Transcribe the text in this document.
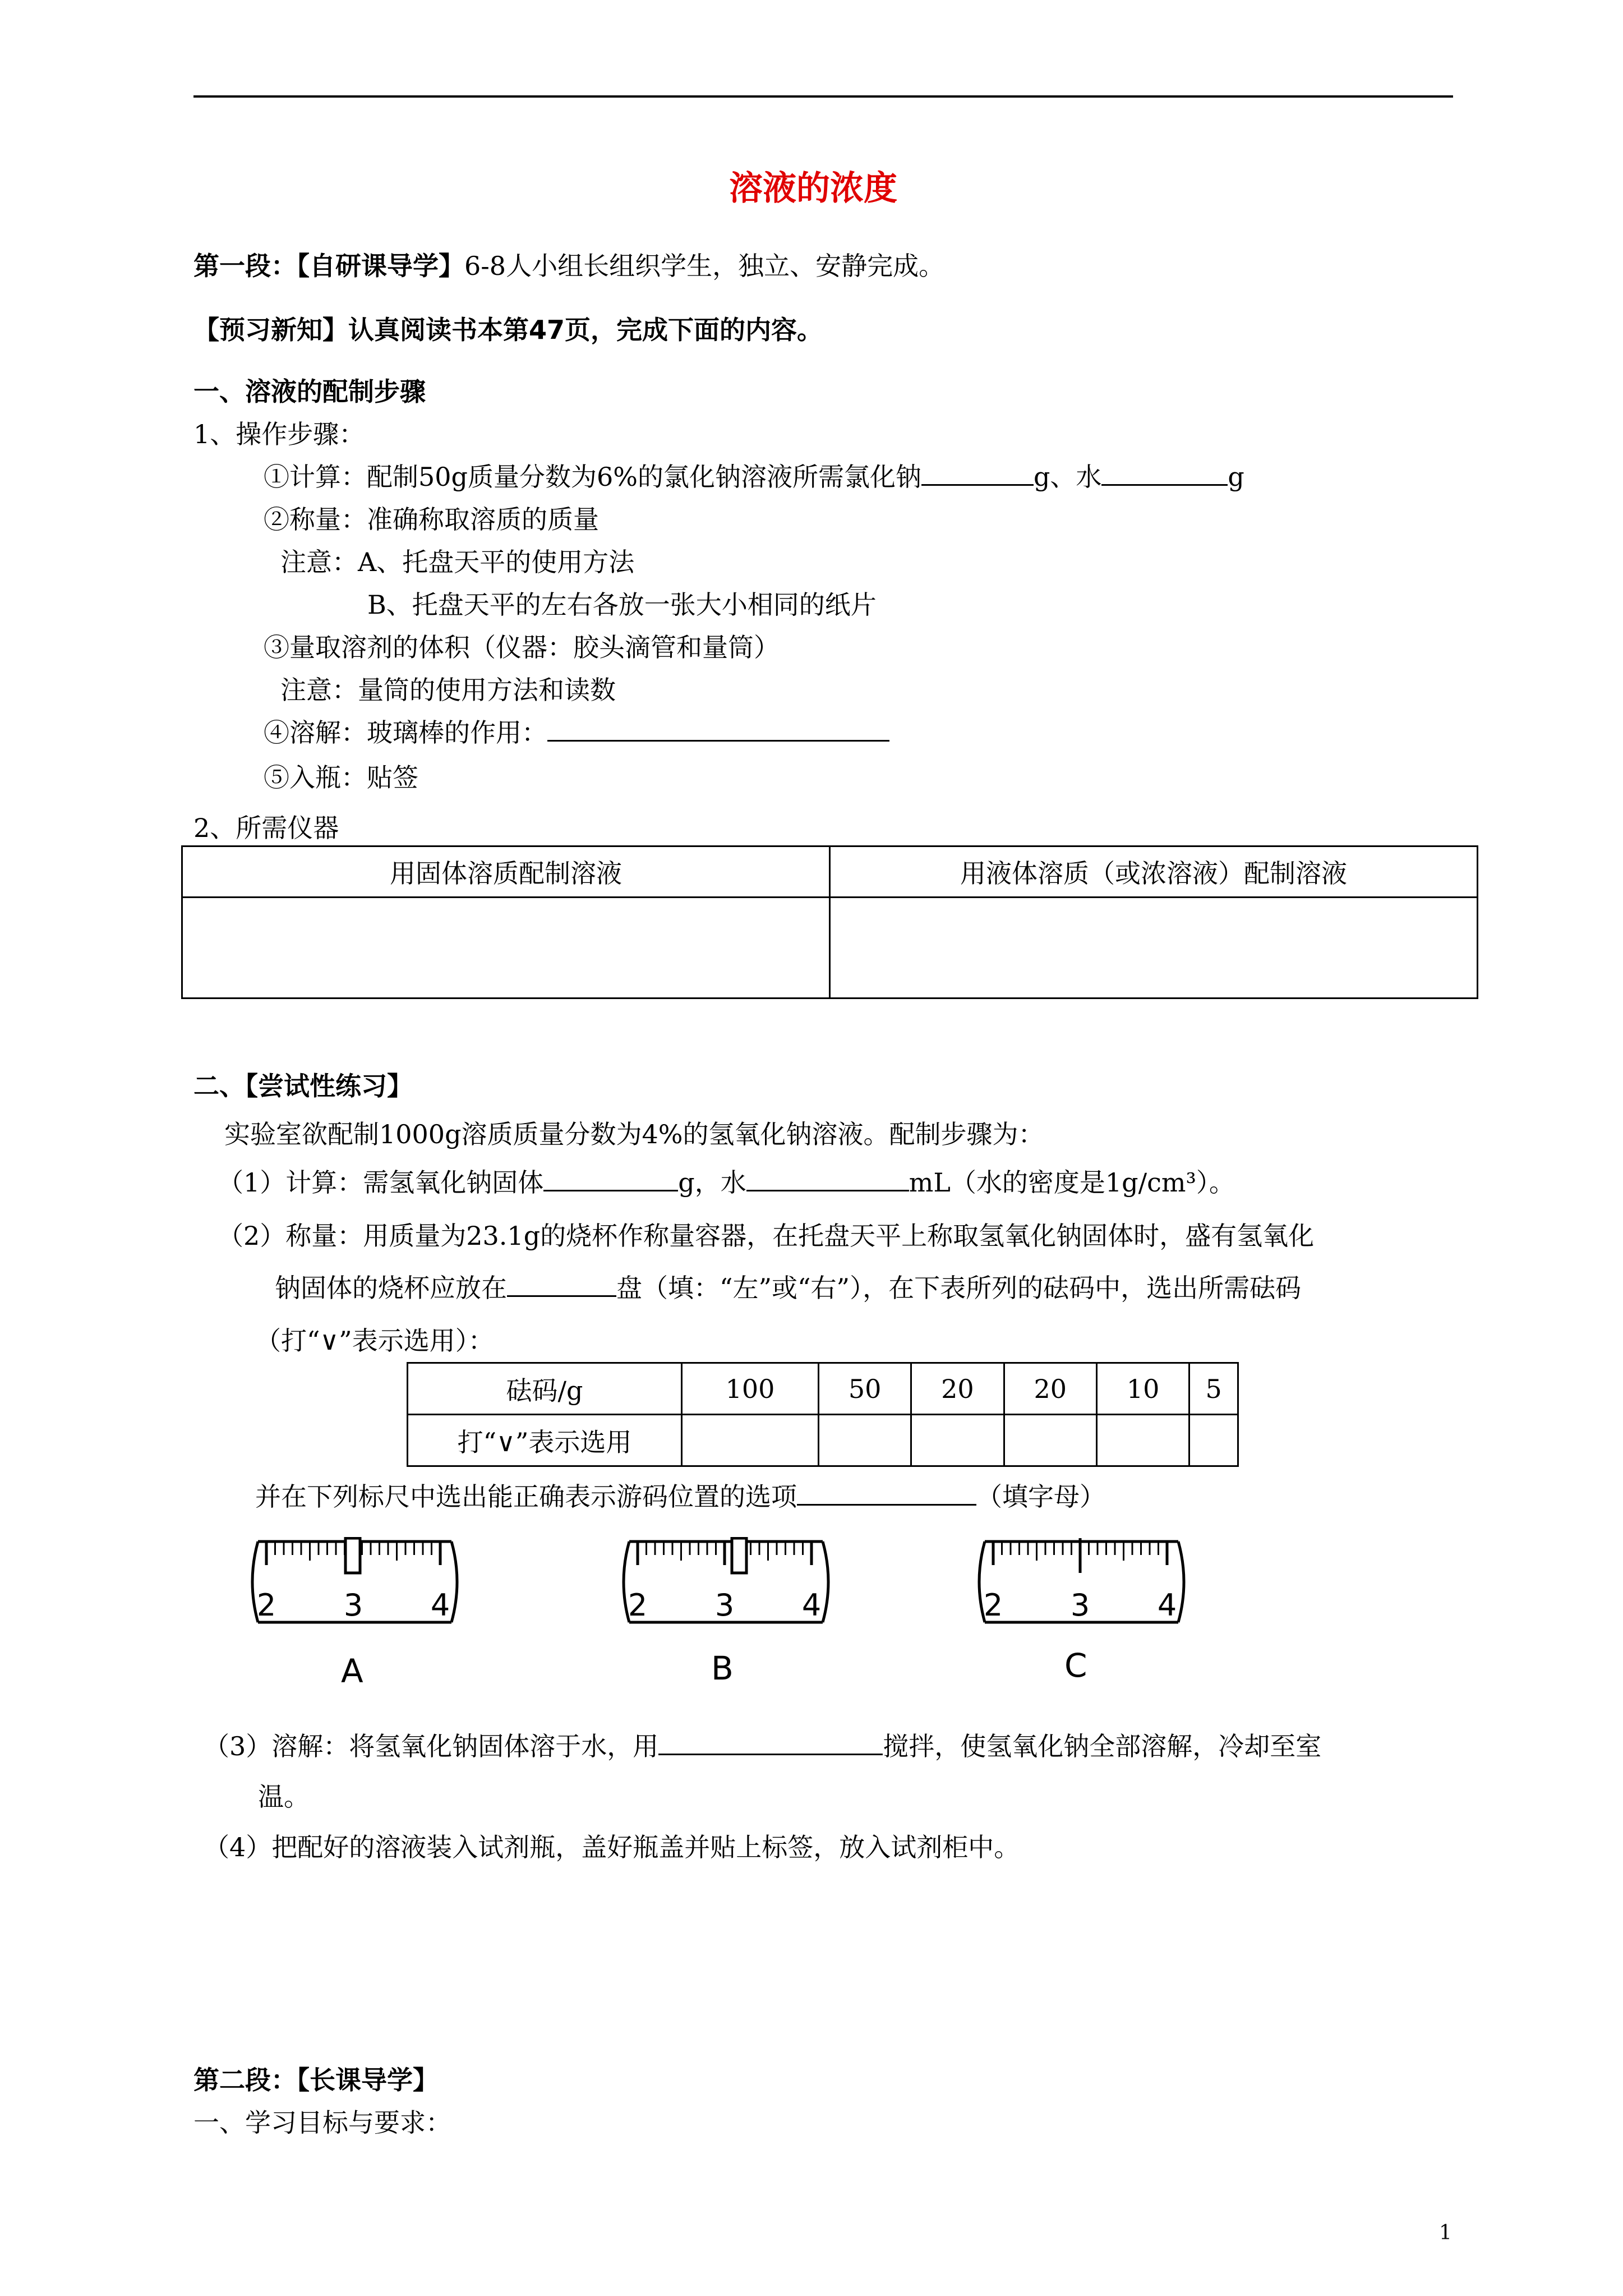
溶液的浓度
第一段：【自研课导学】6-8人小组长组织学生，独立、安静完成。
【预习新知】认真阅读书本第47页，完成下面的内容。
一、溶液的配制步骤
1、操作步骤：
①计算：配制50g质量分数为6%的氯化钠溶液所需氯化钠	g、水	g
②称量：准确称取溶质的质量
注意：A、托盘天平的使用方法
B、托盘天平的左右各放一张大小相同的纸片
③量取溶剂的体积（仪器：胶头滴管和量筒）
注意：量筒的使用方法和读数
④溶解：玻璃棒的作用：
⑤入瓶：贴签
2、所需仪器
用固体溶质配制溶液	用液体溶质（或浓溶液）配制溶液

二、【尝试性练习】
实验室欲配制1000g溶质质量分数为4%的氢氧化钠溶液。配制步骤为：
（1）计算：需氢氧化钠固体	g，水	mL（水的密度是1g/cm³）。
（2）称量：用质量为23.1g的烧杯作称量容器，在托盘天平上称取氢氧化钠固体时，盛有氢氧化
钠固体的烧杯应放在	盘（填：“左”或“右”），在下表所列的砝码中，选出所需砝码
（打“∨”表示选用）：
砝码/g	100	50	20	20	10	5
打“∨”表示选用						
并在下列标尺中选出能正确表示游码位置的选项	（填字母）
2 3 4
A
2 3 4
B
2 3 4
C
（3）溶解：将氢氧化钠固体溶于水，用	搅拌，使氢氧化钠全部溶解，冷却至室
温。
（4）把配好的溶液装入试剂瓶，盖好瓶盖并贴上标签，放入试剂柜中。
第二段：【长课导学】
一、学习目标与要求：
1
